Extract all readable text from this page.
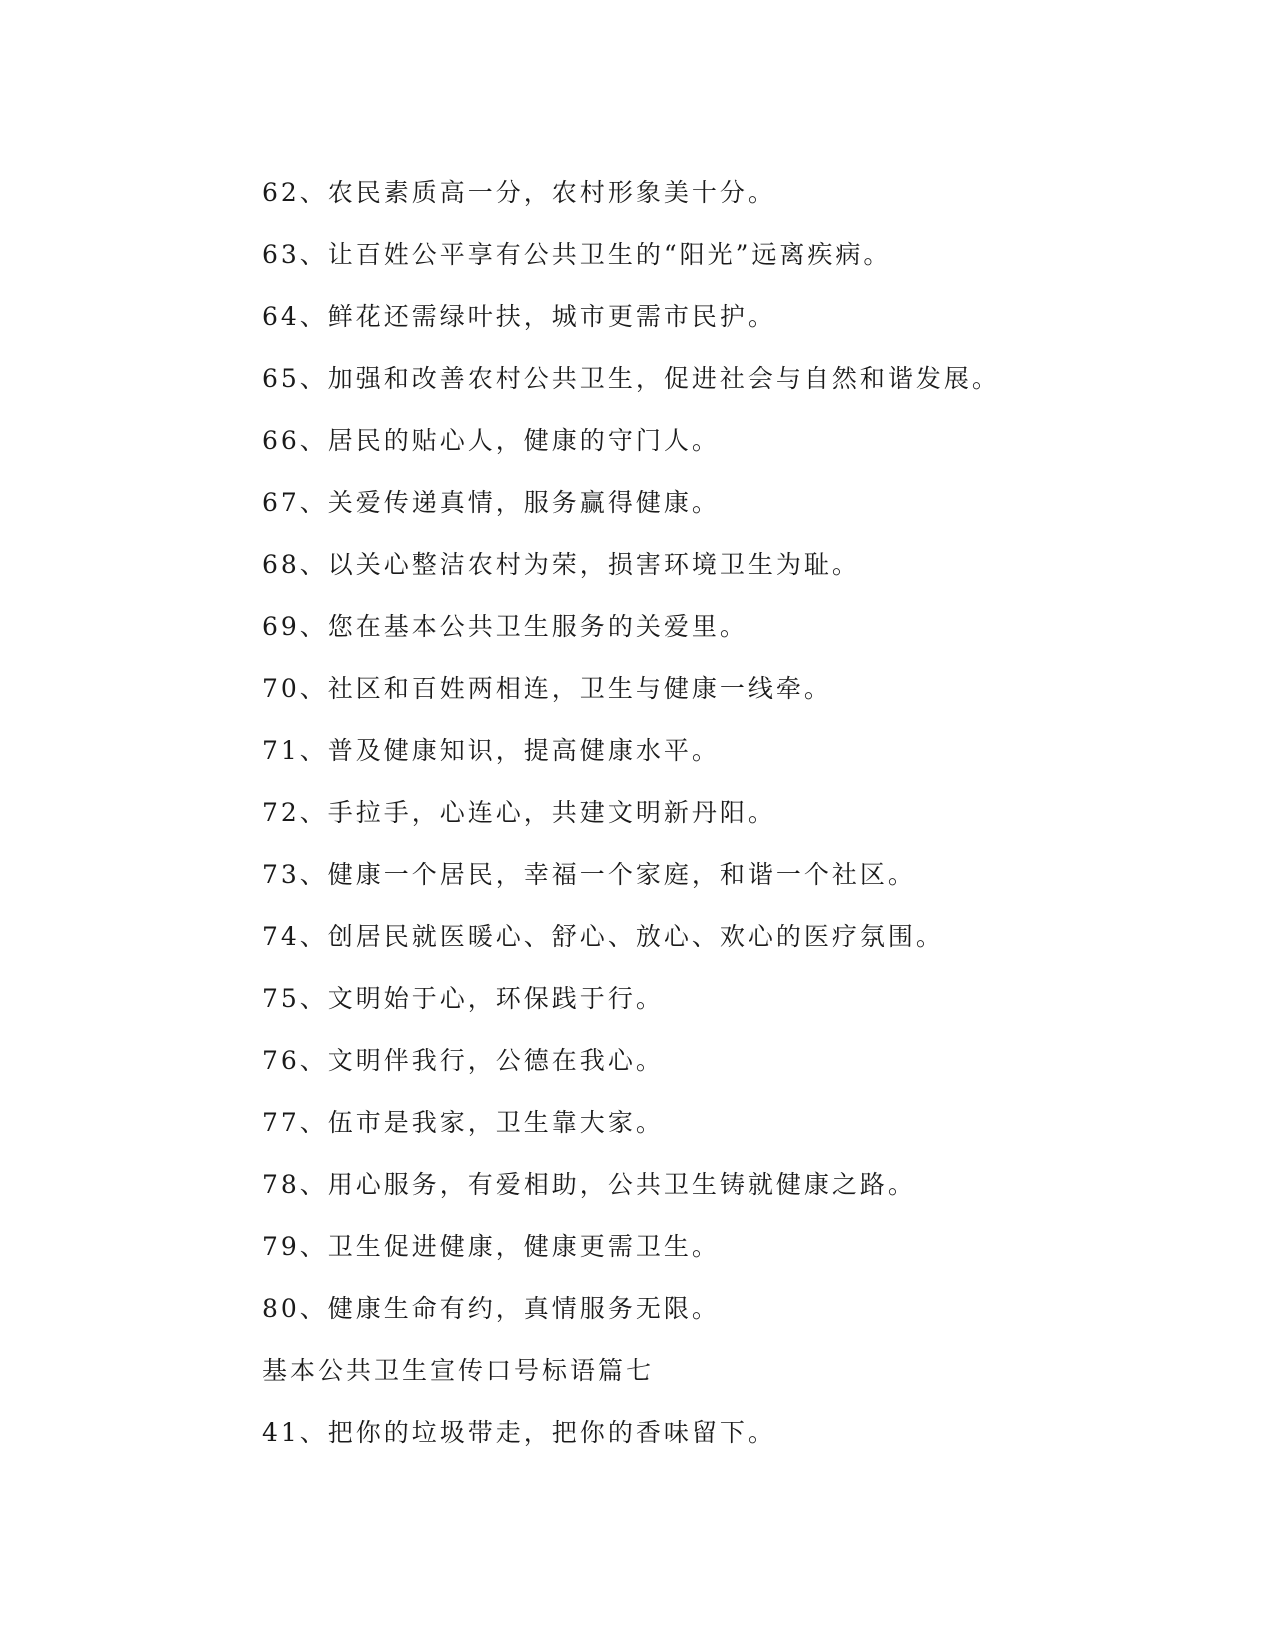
62、农民素质高一分，农村形象美十分。
63、让百姓公平享有公共卫生的“阳光”远离疾病。
64、鲜花还需绿叶扶，城市更需市民护。
65、加强和改善农村公共卫生，促进社会与自然和谐发展。
66、居民的贴心人，健康的守门人。
67、关爱传递真情，服务赢得健康。
68、以关心整洁农村为荣，损害环境卫生为耻。
69、您在基本公共卫生服务的关爱里。
70、社区和百姓两相连，卫生与健康一线牵。
71、普及健康知识，提高健康水平。
72、手拉手，心连心，共建文明新丹阳。
73、健康一个居民，幸福一个家庭，和谐一个社区。
74、创居民就医暖心、舒心、放心、欢心的医疗氛围。
75、文明始于心，环保践于行。
76、文明伴我行，公德在我心。
77、伍市是我家，卫生靠大家。
78、用心服务，有爱相助，公共卫生铸就健康之路。
79、卫生促进健康，健康更需卫生。
80、健康生命有约，真情服务无限。
基本公共卫生宣传口号标语篇七
41、把你的垃圾带走，把你的香味留下。
